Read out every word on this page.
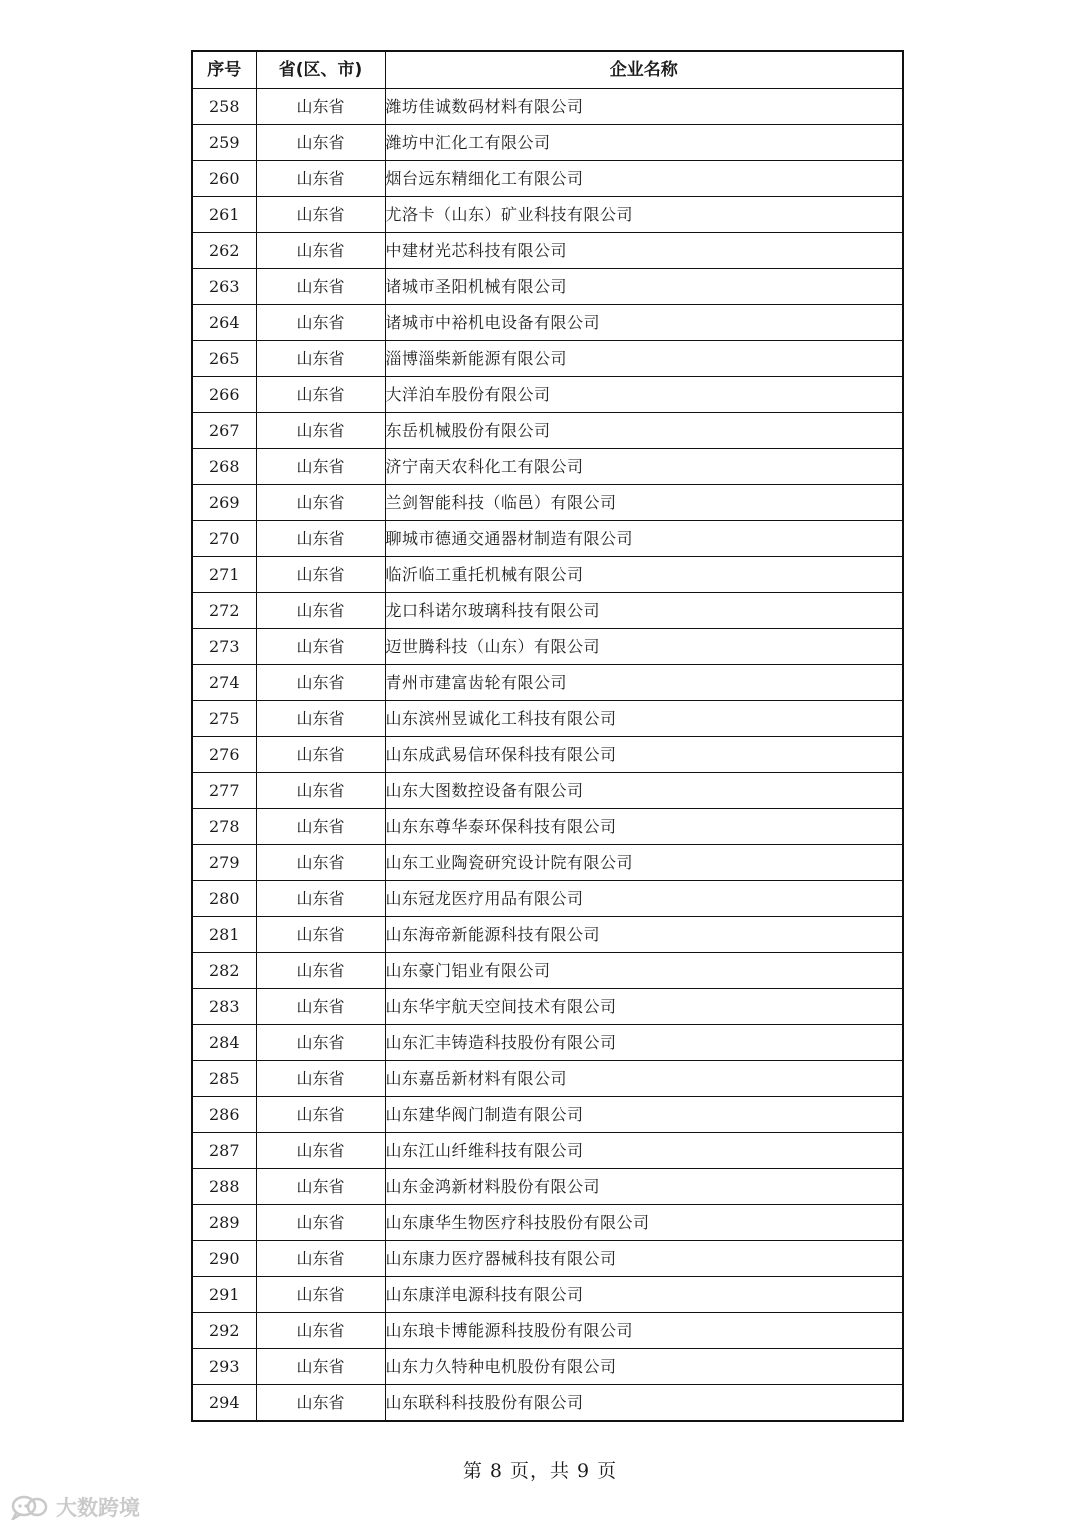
序号	省(区、市)	企业名称
258	山东省	潍坊佳诚数码材料有限公司
259	山东省	潍坊中汇化工有限公司
260	山东省	烟台远东精细化工有限公司
261	山东省	尤洛卡（山东）矿业科技有限公司
262	山东省	中建材光芯科技有限公司
263	山东省	诸城市圣阳机械有限公司
264	山东省	诸城市中裕机电设备有限公司
265	山东省	淄博淄柴新能源有限公司
266	山东省	大洋泊车股份有限公司
267	山东省	东岳机械股份有限公司
268	山东省	济宁南天农科化工有限公司
269	山东省	兰剑智能科技（临邑）有限公司
270	山东省	聊城市德通交通器材制造有限公司
271	山东省	临沂临工重托机械有限公司
272	山东省	龙口科诺尔玻璃科技有限公司
273	山东省	迈世腾科技（山东）有限公司
274	山东省	青州市建富齿轮有限公司
275	山东省	山东滨州昱诚化工科技有限公司
276	山东省	山东成武易信环保科技有限公司
277	山东省	山东大图数控设备有限公司
278	山东省	山东东尊华泰环保科技有限公司
279	山东省	山东工业陶瓷研究设计院有限公司
280	山东省	山东冠龙医疗用品有限公司
281	山东省	山东海帝新能源科技有限公司
282	山东省	山东豪门铝业有限公司
283	山东省	山东华宇航天空间技术有限公司
284	山东省	山东汇丰铸造科技股份有限公司
285	山东省	山东嘉岳新材料有限公司
286	山东省	山东建华阀门制造有限公司
287	山东省	山东江山纤维科技有限公司
288	山东省	山东金鸿新材料股份有限公司
289	山东省	山东康华生物医疗科技股份有限公司
290	山东省	山东康力医疗器械科技有限公司
291	山东省	山东康洋电源科技有限公司
292	山东省	山东琅卡博能源科技股份有限公司
293	山东省	山东力久特种电机股份有限公司
294	山东省	山东联科科技股份有限公司
第 8 页，共 9 页
大数跨境
